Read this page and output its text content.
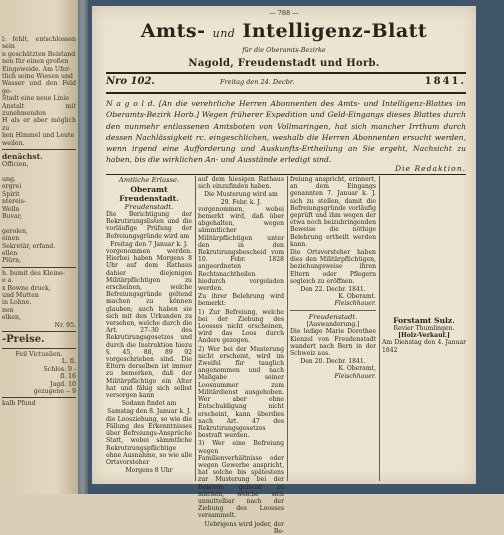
l: fehlt, entschlossen sein
n geschätzten Beistand
nen für einen großen
Eingeweide. Am Ufer-
tlich seine Wiesen und
Wasser und den Feld ge-
Stadt eine neue Linie
Anstalt mit zunehmenden
H als er aber möglich zu
hen Himmel und Leute
weilen.
denächst.
Officien,

ung.
ergrei
Spirit
ntereis-
Welln
Buvar,

gerolen,
einen
Sekretär, erfand.
ellen
Plürn,
h. bumit des Kleine-
e a.
x Bowne druck,
und Mutten
in Lohne.
nen
elken,
Nr. 95.
-Preise.
Feil Victualien.
L. fl.
Schlos. 9 -
fl. 16
Jagd. 10
gezugene -- 9
kalb Pfund
— 788 —
Amts- und Intelligenz-Blatt
für die Oberamts-Bezirke
Nagold, Freudenstadt und Horb.
Nro 102.	Freitag den 24. Decbr.	1841.
N a g o l d. [An die verehrliche Herren Abonnenten des Amts- und Intelligenz-Blattes im Oberamts-Bezirk Horb.] Wegen früherer Expedition und Geld-Eingangs dieses Blattes durch den nunmehr entlassenen Amtsboten von Vollmaringen, hat sich mancher Irrthum durch dessen Nachlässigkeit rc. eingeschlichen, weshalb die Herren Abonnenten ersucht werden, wenn irgend eine Aufforderung und Auskunfts-Ertheilung an Sie ergeht, Nachsicht zu haben, bis die wirklichen An- und Ausstände erledigt sind.
Die Redaktion.
Amtliche Erlasse.
Oberamt Freudenstadt.
Freudenstadt.

Die Berichtigung der Rekrutirungslisten und die vorläufige Prüfung der Befreiungsgründe wird am

Freitag den 7 Januar k. J.

vorgenommen werden. Hierbei haben Morgens 8 Uhr auf dem Rathaus dahier diejenigen Militärpflichtigen zu erscheinen, welche Befreiungsgründe geltend machen zu können glauben; auch haben sie sich mit den Urkunden zu versehen, welche durch die Art. 27–30 des Rekrutirungsgesetzes und durch die Instruktion hiezu §. 45, 88, 89 92 vorgeschrieben sind. Die Eltern derselben ist immer zu bemerken, daß der Militärpflichtige ein Alter hat und fähig sich selbst versorgen kann

Sodann findet am

Samstag den 8. Januar k. J.

die Loosziehung, so wie die Fällung des Erkenntnisses über Befreiungs-Ansprüche Statt, wobei sämmtliche Rekrutirungspflichtige ohne Ausnahme, so wie alle Ortsvorsteher

Morgens 8 Uhr

auf dem hiesigen Rathaus sich einzufinden haben.

Die Musterung wird am
29. Febr. k. J.

vorgenommen, wobei bemerkt wird, daß über abgehalten, wegen sämmtlicher Militärpflichtigen unter den in den Rekrutirungsbescheid vom 10. Febr. 1828 angeordneten Rechtsnachtheilen hiedurch vorgeladen werden.

Zu ihrer Belehrung wird bemerkt:

1) Zur Befreiung, welche bei der Ziehung des Loosses nicht erscheinen, wird das Loos durch Andere gezogen.

2) Wer bei der Musterung nicht erscheint, wird im Zweifel für tauglich angenommen und nach Maßgabe seiner Loosnummer zum Militärdienst ausgehoben. Wer aber ohne Entschuldigung nicht erscheint, kann überdies nach Art. 47 des Rekrutirungsgesetzes bestraft werden.

3) Wer eine Befreiung wegen Familienverhältnisse oder wegen Gewerbe anspricht, hat solche bis spätestens zur Musterung bei der Behörde geltend zu machen, welche sich unmittelbar nach der Ziehung des Loosses versammelt.

Uebrigens wird jeder, der Be-

freiung anspricht, erinnert, an dem Eingangs genannten 7. Januar k. J. sich zu stellen, damit die Befreiungsgründe vorläufig geprüft und ihm wegen der etwa noch beizubringenden Beweise die nöthige Belehrung ertheilt werden kann.

Die Ortsvorsteher haben dies den Militärpflichtigen, beziehungsweise ihren Eltern oder Pflegern sogleich zu eröffnen.

Den 22. Decbr. 1841.
K. Oberamt.
Fleischhauer.
Freudenstadt.
[Auswanderung.]

Die ledige Marie Dorothee Kienzel von Freudenstadt wandert nach Bern in der Schweiz aus.

Den 20. Decbr. 1841.
K. Oberamt,
Fleischhauer.
Forstamt Sulz.
Revier Thumlingen.
[Holz-Verkauf.]

Am Dienstag den 4. Januar 1842
